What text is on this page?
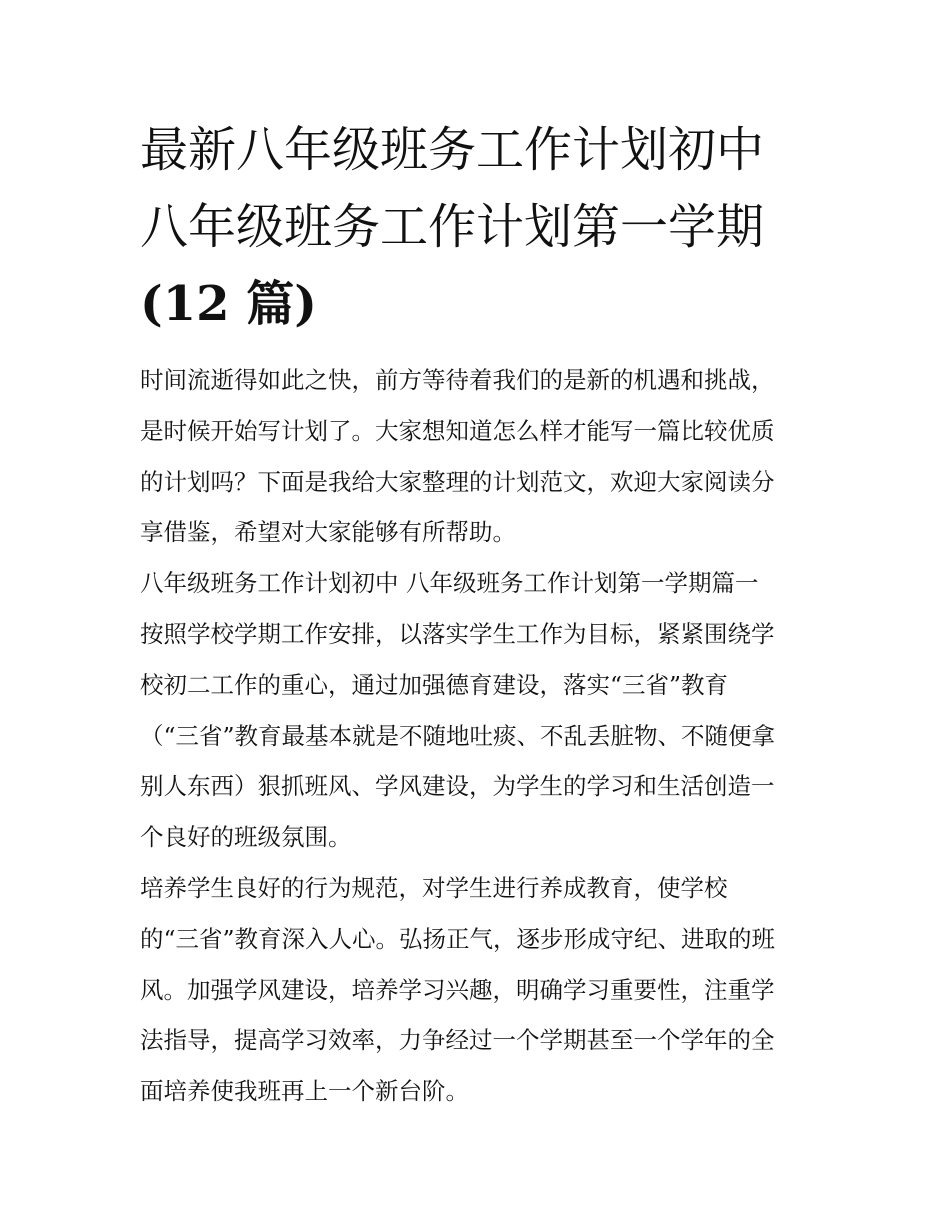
最新八年级班务工作计划初中
八年级班务工作计划第一学期
(12 篇)
时间流逝得如此之快，前方等待着我们的是新的机遇和挑战，
是时候开始写计划了。大家想知道怎么样才能写一篇比较优质
的计划吗？下面是我给大家整理的计划范文，欢迎大家阅读分
享借鉴，希望对大家能够有所帮助。
八年级班务工作计划初中 八年级班务工作计划第一学期篇一
按照学校学期工作安排，以落实学生工作为目标，紧紧围绕学
校初二工作的重心，通过加强德育建设，落实“三省”教育
（“三省”教育最基本就是不随地吐痰、不乱丢脏物、不随便拿
别人东西）狠抓班风、学风建设，为学生的学习和生活创造一
个良好的班级氛围。
培养学生良好的行为规范，对学生进行养成教育，使学校
的“三省”教育深入人心。弘扬正气，逐步形成守纪、进取的班
风。加强学风建设，培养学习兴趣，明确学习重要性，注重学
法指导，提高学习效率，力争经过一个学期甚至一个学年的全
面培养使我班再上一个新台阶。
